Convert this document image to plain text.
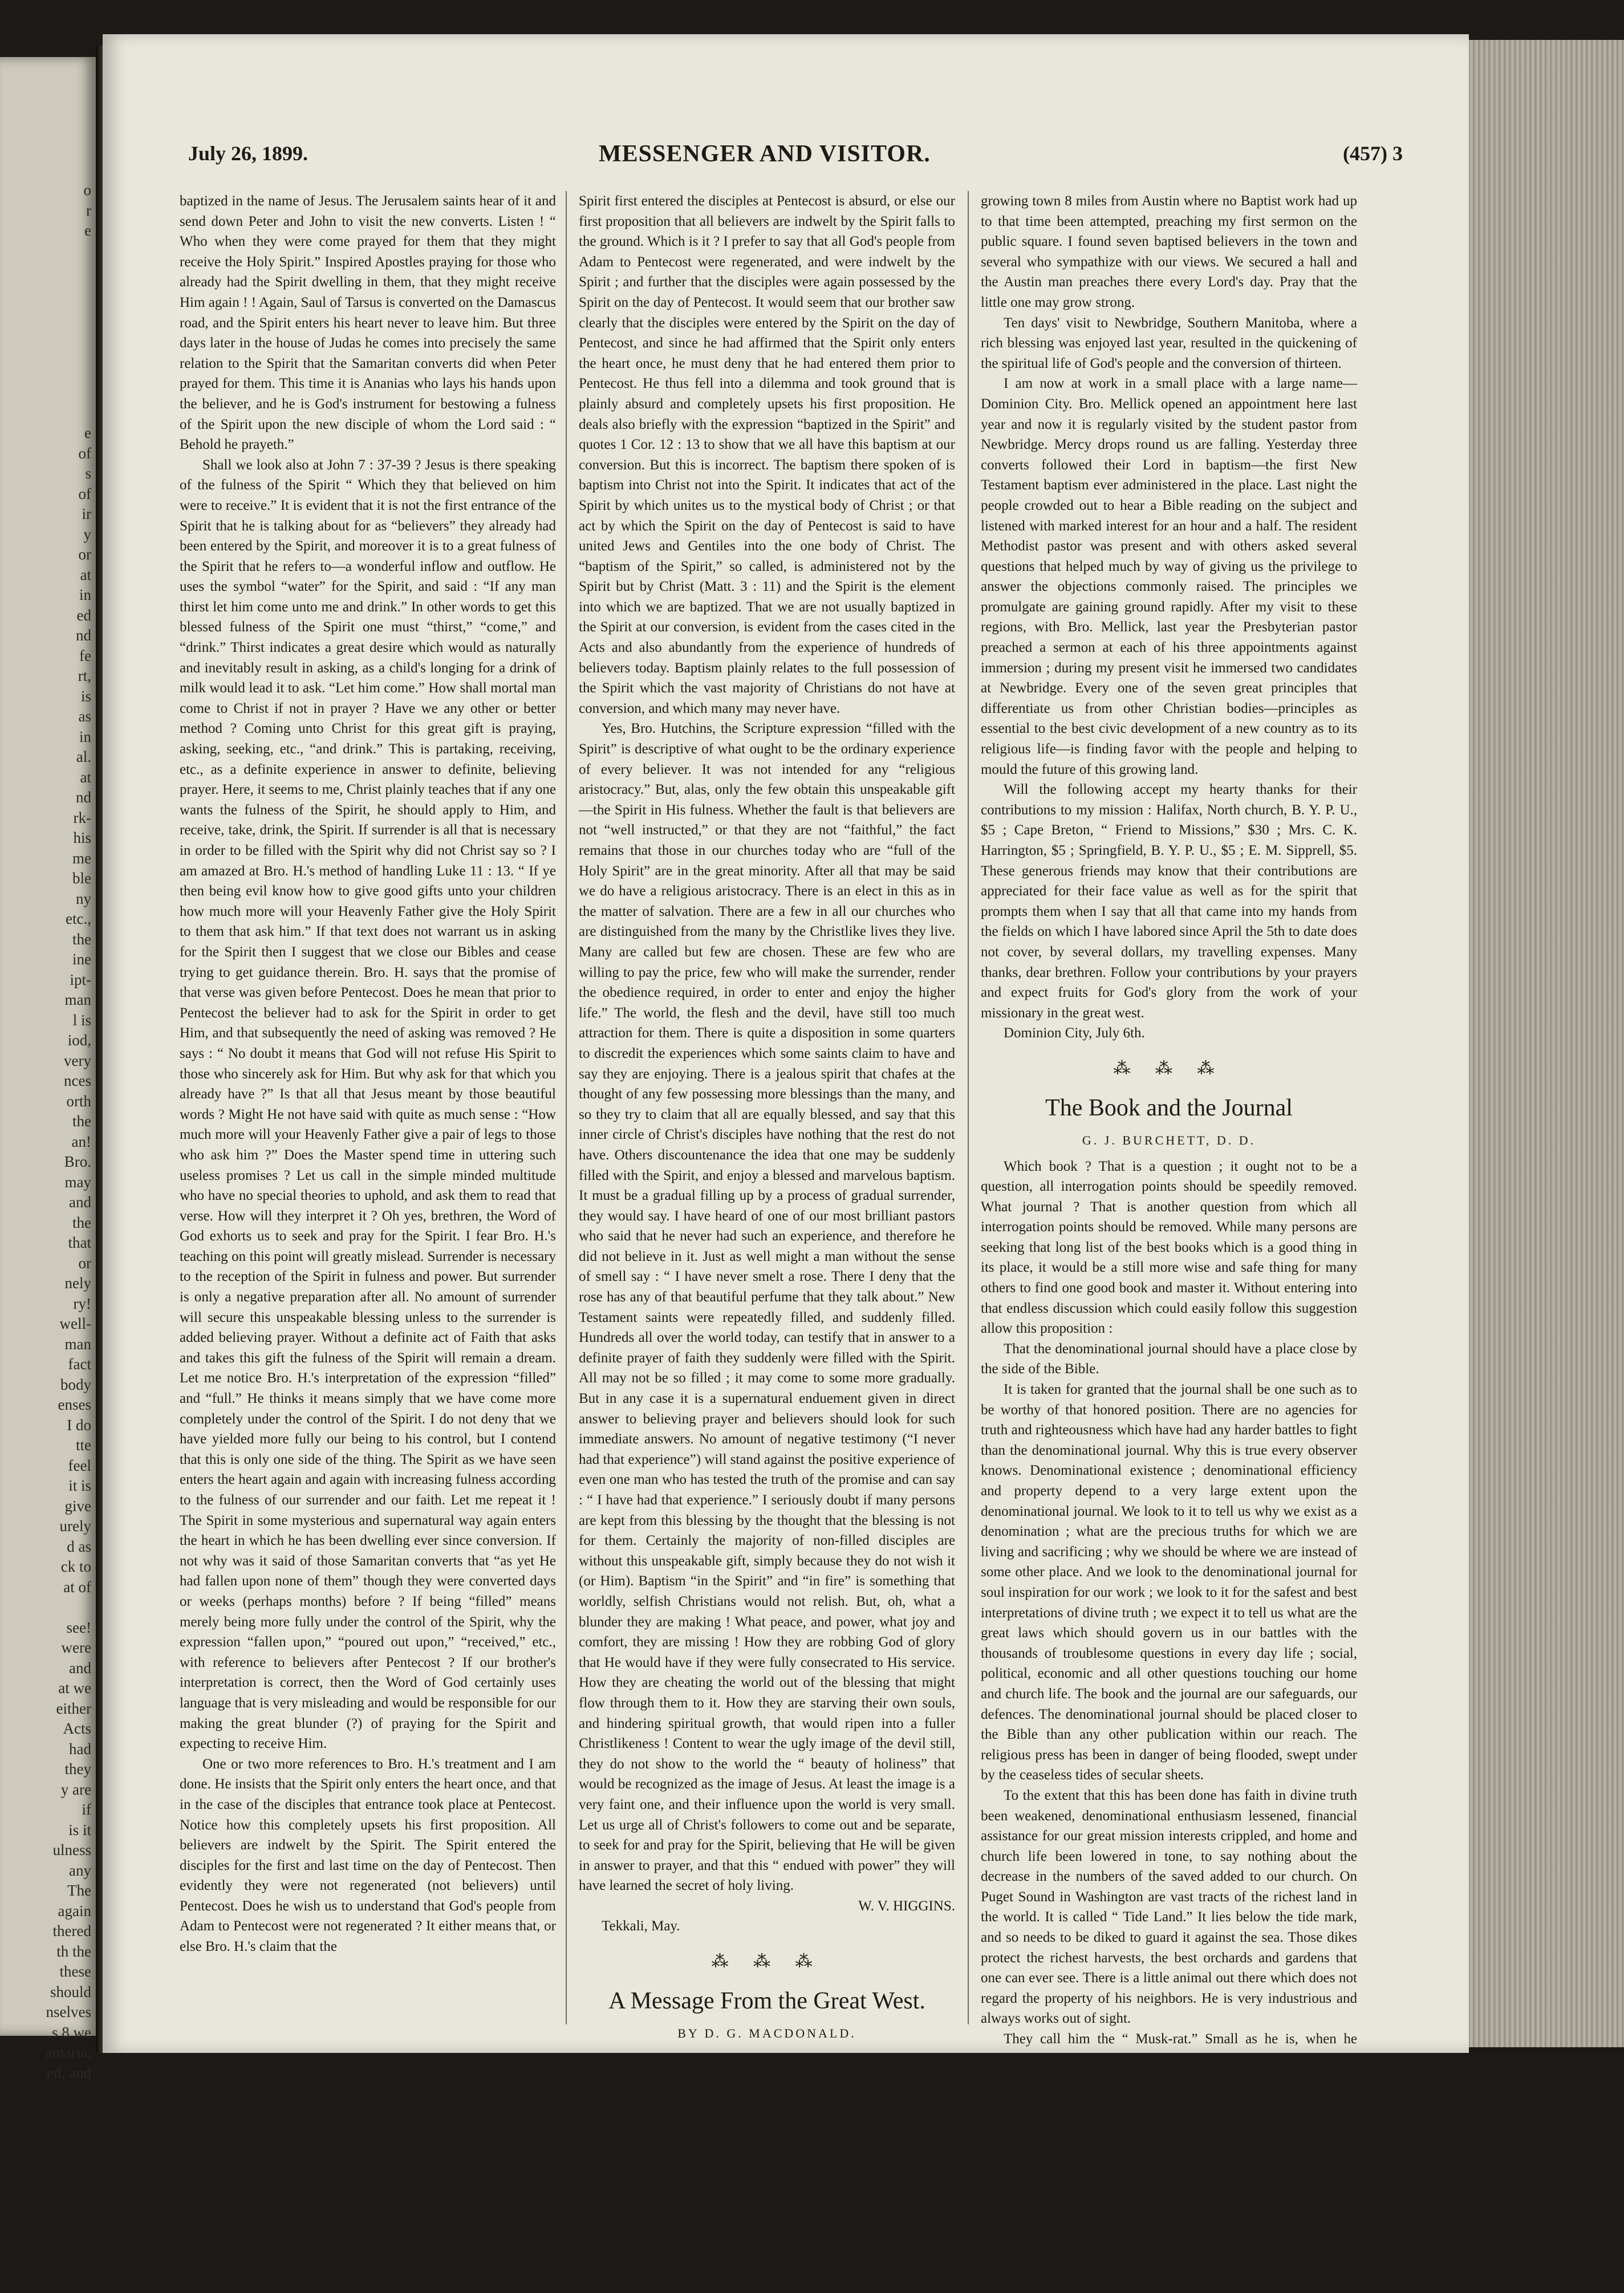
o
r
e
e
of
s
of
ir
y
or
at
in
ed
nd
fe
rt,
is
as
in
al.
at
nd
rk-
his
me
ble
ny
etc.,
the
ine
ipt-
man
l is
iod,
very
nces
orth
the
an!
Bro.
may
and
the
that
or
nely
ry!
well-
man
fact
body
enses
I do
tte
feel
it is
give
urely
d as
ck to
at of
see!
were
and
at we
either
Acts
had
they
y are
if
is it
ulness
any
The
again
thered
th the
these
should
nselves
s 8 we
amaria.
ed, and
July 26, 1899.	MESSENGER AND VISITOR.	(457) 3

baptized in the name of Jesus. The Jerusalem saints hear of it and send down Peter and John to visit the new converts. Listen ! “ Who when they were come prayed for them that they might receive the Holy Spirit.” Inspired Apostles praying for those who already had the Spirit dwelling in them, that they might receive Him again ! ! Again, Saul of Tarsus is converted on the Damascus road, and the Spirit enters his heart never to leave him. But three days later in the house of Judas he comes into precisely the same relation to the Spirit that the Samaritan converts did when Peter prayed for them. This time it is Ananias who lays his hands upon the believer, and he is God's instrument for bestowing a fulness of the Spirit upon the new disciple of whom the Lord said : “ Behold he prayeth.”

Shall we look also at John 7 : 37-39 ? Jesus is there speaking of the fulness of the Spirit “ Which they that believed on him were to receive.” It is evident that it is not the first entrance of the Spirit that he is talking about for as “believers” they already had been entered by the Spirit, and moreover it is to a great fulness of the Spirit that he refers to—a wonderful inflow and outflow. He uses the symbol “water” for the Spirit, and said : “If any man thirst let him come unto me and drink.” In other words to get this blessed fulness of the Spirit one must “thirst,” “come,” and “drink.” Thirst indicates a great desire which would as naturally and inevitably result in asking, as a child's longing for a drink of milk would lead it to ask. “Let him come.” How shall mortal man come to Christ if not in prayer ? Have we any other or better method ? Coming unto Christ for this great gift is praying, asking, seeking, etc., “and drink.” This is partaking, receiving, etc., as a definite experience in answer to definite, believing prayer. Here, it seems to me, Christ plainly teaches that if any one wants the fulness of the Spirit, he should apply to Him, and receive, take, drink, the Spirit. If surrender is all that is necessary in order to be filled with the Spirit why did not Christ say so ? I am amazed at Bro. H.'s method of handling Luke 11 : 13. “ If ye then being evil know how to give good gifts unto your children how much more will your Heavenly Father give the Holy Spirit to them that ask him.” If that text does not warrant us in asking for the Spirit then I suggest that we close our Bibles and cease trying to get guidance therein. Bro. H. says that the promise of that verse was given before Pentecost. Does he mean that prior to Pentecost the believer had to ask for the Spirit in order to get Him, and that subsequently the need of asking was removed ? He says : “ No doubt it means that God will not refuse His Spirit to those who sincerely ask for Him. But why ask for that which you already have ?” Is that all that Jesus meant by those beautiful words ? Might He not have said with quite as much sense : “How much more will your Heavenly Father give a pair of legs to those who ask him ?” Does the Master spend time in uttering such useless promises ? Let us call in the simple minded multitude who have no special theories to uphold, and ask them to read that verse. How will they interpret it ? Oh yes, brethren, the Word of God exhorts us to seek and pray for the Spirit. I fear Bro. H.'s teaching on this point will greatly mislead. Surrender is necessary to the reception of the Spirit in fulness and power. But surrender is only a negative preparation after all. No amount of surrender will secure this unspeakable blessing unless to the surrender is added believing prayer. Without a definite act of Faith that asks and takes this gift the fulness of the Spirit will remain a dream. Let me notice Bro. H.'s interpretation of the expression “filled” and “full.” He thinks it means simply that we have come more completely under the control of the Spirit. I do not deny that we have yielded more fully our being to his control, but I contend that this is only one side of the thing. The Spirit as we have seen enters the heart again and again with increasing fulness according to the fulness of our surrender and our faith. Let me repeat it ! The Spirit in some mysterious and supernatural way again enters the heart in which he has been dwelling ever since conversion. If not why was it said of those Samaritan converts that “as yet He had fallen upon none of them” though they were converted days or weeks (perhaps months) before ? If being “filled” means merely being more fully under the control of the Spirit, why the expression “fallen upon,” “poured out upon,” “received,” etc., with reference to believers after Pentecost ? If our brother's interpretation is correct, then the Word of God certainly uses language that is very misleading and would be responsible for our making the great blunder (?) of praying for the Spirit and expecting to receive Him.

One or two more references to Bro. H.'s treatment and I am done. He insists that the Spirit only enters the heart once, and that in the case of the disciples that entrance took place at Pentecost. Notice how this completely upsets his first proposition. All believers are indwelt by the Spirit. The Spirit entered the disciples for the first and last time on the day of Pentecost. Then evidently they were not regenerated (not believers) until Pentecost. Does he wish us to understand that God's people from Adam to Pentecost were not regenerated ? It either means that, or else Bro. H.'s claim that the

Spirit first entered the disciples at Pentecost is absurd, or else our first proposition that all believers are indwelt by the Spirit falls to the ground. Which is it ? I prefer to say that all God's people from Adam to Pentecost were regenerated, and were indwelt by the Spirit ; and further that the disciples were again possessed by the Spirit on the day of Pentecost. It would seem that our brother saw clearly that the disciples were entered by the Spirit on the day of Pentecost, and since he had affirmed that the Spirit only enters the heart once, he must deny that he had entered them prior to Pentecost. He thus fell into a dilemma and took ground that is plainly absurd and completely upsets his first proposition. He deals also briefly with the expression “baptized in the Spirit” and quotes 1 Cor. 12 : 13 to show that we all have this baptism at our conversion. But this is incorrect. The baptism there spoken of is baptism into Christ not into the Spirit. It indicates that act of the Spirit by which unites us to the mystical body of Christ ; or that act by which the Spirit on the day of Pentecost is said to have united Jews and Gentiles into the one body of Christ. The “baptism of the Spirit,” so called, is administered not by the Spirit but by Christ (Matt. 3 : 11) and the Spirit is the element into which we are baptized. That we are not usually baptized in the Spirit at our conversion, is evident from the cases cited in the Acts and also abundantly from the experience of hundreds of believers today. Baptism plainly relates to the full possession of the Spirit which the vast majority of Christians do not have at conversion, and which many may never have.

Yes, Bro. Hutchins, the Scripture expression “filled with the Spirit” is descriptive of what ought to be the ordinary experience of every believer. It was not intended for any “religious aristocracy.” But, alas, only the few obtain this unspeakable gift—the Spirit in His fulness. Whether the fault is that believers are not “well instructed,” or that they are not “faithful,” the fact remains that those in our churches today who are “full of the Holy Spirit” are in the great minority. After all that may be said we do have a religious aristocracy. There is an elect in this as in the matter of salvation. There are a few in all our churches who are distinguished from the many by the Christlike lives they live. Many are called but few are chosen. These are few who are willing to pay the price, few who will make the surrender, render the obedience required, in order to enter and enjoy the higher life.” The world, the flesh and the devil, have still too much attraction for them. There is quite a disposition in some quarters to discredit the experiences which some saints claim to have and say they are enjoying. There is a jealous spirit that chafes at the thought of any few possessing more blessings than the many, and so they try to claim that all are equally blessed, and say that this inner circle of Christ's disciples have nothing that the rest do not have. Others discountenance the idea that one may be suddenly filled with the Spirit, and enjoy a blessed and marvelous baptism. It must be a gradual filling up by a process of gradual surrender, they would say. I have heard of one of our most brilliant pastors who said that he never had such an experience, and therefore he did not believe in it. Just as well might a man without the sense of smell say : “ I have never smelt a rose. There I deny that the rose has any of that beautiful perfume that they talk about.” New Testament saints were repeatedly filled, and suddenly filled. Hundreds all over the world today, can testify that in answer to a definite prayer of faith they suddenly were filled with the Spirit. All may not be so filled ; it may come to some more gradually. But in any case it is a supernatural enduement given in direct answer to believing prayer and believers should look for such immediate answers. No amount of negative testimony (“I never had that experience”) will stand against the positive experience of even one man who has tested the truth of the promise and can say : “ I have had that experience.” I seriously doubt if many persons are kept from this blessing by the thought that the blessing is not for them. Certainly the majority of non-filled disciples are without this unspeakable gift, simply because they do not wish it (or Him). Baptism “in the Spirit” and “in fire” is something that worldly, selfish Christians would not relish. But, oh, what a blunder they are making ! What peace, and power, what joy and comfort, they are missing ! How they are robbing God of glory that He would have if they were fully consecrated to His service. How they are cheating the world out of the blessing that might flow through them to it. How they are starving their own souls, and hindering spiritual growth, that would ripen into a fuller Christlikeness ! Content to wear the ugly image of the devil still, they do not show to the world the “ beauty of holiness” that would be recognized as the image of Jesus. At least the image is a very faint one, and their influence upon the world is very small. Let us urge all of Christ's followers to come out and be separate, to seek for and pray for the Spirit, believing that He will be given in answer to prayer, and that this “ endued with power” they will have learned the secret of holy living.

W. V. HIGGINS.

Tekkali, May.

⁂ ⁂ ⁂
A Message From the Great West.
BY D. G. MACDONALD.

Dear Editor.—Knowing your interest in the kingdom of our Lord and in each one of His servants I make free to ask room for another brief message from this great mission field.

My last was from Winnipeg. The good work reported then still goes on at Logan ave. under the admirable ministrations of Bro. Vincent. Nothing more than regular work can be carried on in this country during seed time, outside the cities, the same is true of harvest time. Seeding month was spent with my family at Austin, during which time an effort was made to lengthen the cords and strengthen the stakes of the Baptist cause recently inaugurated there. We now have a student settled on the field for the summer. I spent a week in a

growing town 8 miles from Austin where no Baptist work had up to that time been attempted, preaching my first sermon on the public square. I found seven baptised believers in the town and several who sympathize with our views. We secured a hall and the Austin man preaches there every Lord's day. Pray that the little one may grow strong.

Ten days' visit to Newbridge, Southern Manitoba, where a rich blessing was enjoyed last year, resulted in the quickening of the spiritual life of God's people and the conversion of thirteen.

I am now at work in a small place with a large name—Dominion City. Bro. Mellick opened an appointment here last year and now it is regularly visited by the student pastor from Newbridge. Mercy drops round us are falling. Yesterday three converts followed their Lord in baptism—the first New Testament baptism ever administered in the place. Last night the people crowded out to hear a Bible reading on the subject and listened with marked interest for an hour and a half. The resident Methodist pastor was present and with others asked several questions that helped much by way of giving us the privilege to answer the objections commonly raised. The principles we promulgate are gaining ground rapidly. After my visit to these regions, with Bro. Mellick, last year the Presbyterian pastor preached a sermon at each of his three appointments against immersion ; during my present visit he immersed two candidates at Newbridge. Every one of the seven great principles that differentiate us from other Christian bodies—principles as essential to the best civic development of a new country as to its religious life—is finding favor with the people and helping to mould the future of this growing land.

Will the following accept my hearty thanks for their contributions to my mission : Halifax, North church, B. Y. P. U., $5 ; Cape Breton, “ Friend to Missions,” $30 ; Mrs. C. K. Harrington, $5 ; Springfield, B. Y. P. U., $5 ; E. M. Sipprell, $5. These generous friends may know that their contributions are appreciated for their face value as well as for the spirit that prompts them when I say that all that came into my hands from the fields on which I have labored since April the 5th to date does not cover, by several dollars, my travelling expenses. Many thanks, dear brethren. Follow your contributions by your prayers and expect fruits for God's glory from the work of your missionary in the great west.

Dominion City, July 6th.

⁂ ⁂ ⁂
The Book and the Journal
G. J. BURCHETT, D. D.

Which book ? That is a question ; it ought not to be a question, all interrogation points should be speedily removed. What journal ? That is another question from which all interrogation points should be removed. While many persons are seeking that long list of the best books which is a good thing in its place, it would be a still more wise and safe thing for many others to find one good book and master it. Without entering into that endless discussion which could easily follow this suggestion allow this proposition :

That the denominational journal should have a place close by the side of the Bible.

It is taken for granted that the journal shall be one such as to be worthy of that honored position. There are no agencies for truth and righteousness which have had any harder battles to fight than the denominational journal. Why this is true every observer knows. Denominational existence ; denominational efficiency and property depend to a very large extent upon the denominational journal. We look to it to tell us why we exist as a denomination ; what are the precious truths for which we are living and sacrificing ; why we should be where we are instead of some other place. And we look to the denominational journal for soul inspiration for our work ; we look to it for the safest and best interpretations of divine truth ; we expect it to tell us what are the great laws which should govern us in our battles with the thousands of troublesome questions in every day life ; social, political, economic and all other questions touching our home and church life. The book and the journal are our safeguards, our defences. The denominational journal should be placed closer to the Bible than any other publication within our reach. The religious press has been in danger of being flooded, swept under by the ceaseless tides of secular sheets.

To the extent that this has been done has faith in divine truth been weakened, denominational enthusiasm lessened, financial assistance for our great mission interests crippled, and home and church life been lowered in tone, to say nothing about the decrease in the numbers of the saved added to our church. On Puget Sound in Washington are vast tracts of the richest land in the world. It is called “ Tide Land.” It lies below the tide mark, and so needs to be diked to guard it against the sea. Those dikes protect the richest harvests, the best orchards and gardens that one can ever see. There is a little animal out there which does not regard the property of his neighbors. He is very industrious and always works out of sight.

They call him the “ Musk-rat.” Small as he is, when he succeeds in digging through the dike the water comes through and soon has an opening large enough to flood fields and orchards. This has taken place often in the history of that region, and before the sea can be driven back the crops are destroyed and the trees are dead.

So the enemy is ever at work to undermine our defences ; he wants to let the sea in upon us, and to the extent he succeeds we shall see our fairest possessions laid waste. As we keep our defences so shall we keep our life.—The Commonwealth.
